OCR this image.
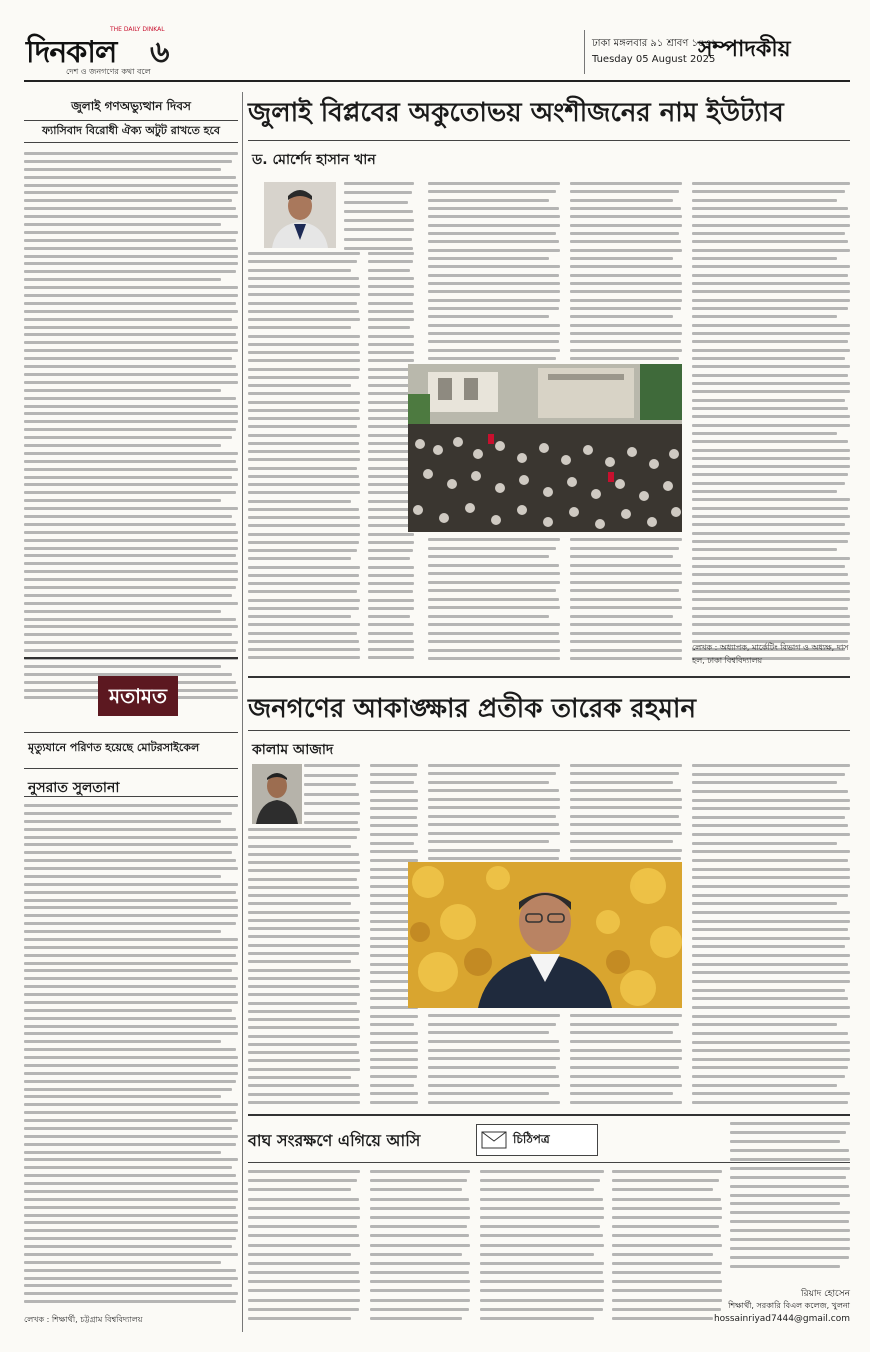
দিনকাল
THE DAILY DINKAL
দেশ ও জনগণের কথা বলে
৬	ঢাকা মঙ্গলবার ৯১ শ্রাবণ ১৪৩২
Tuesday 05 August 2025
সম্পাদকীয়
জুলাই গণঅভ্যুত্থান দিবস
ফ্যাসিবাদ বিরোধী ঐক্য অটুট রাখতে হবে
মতামত
মৃত্যুযানে পরিণত হয়েছে মোটরসাইকেল
নুসরাত সুলতানা
লেখক : শিক্ষার্থী, চট্টগ্রাম বিশ্ববিদ্যালয়
জুলাই বিপ্লবের অকুতোভয় অংশীজনের নাম ইউট্যাব
ড. মোর্শেদ হাসান খান
লেখক : অধ্যাপক, মার্কেটিং বিভাগ ও অধ্যক্ষ, দাস হল, ঢাকা বিশ্ববিদ্যালয়
জনগণের আকাঙ্ক্ষার প্রতীক তারেক রহমান
কালাম আজাদ
বাঘ সংরক্ষণে এগিয়ে আসি	চিঠিপত্র
রিয়াদ হোসেন
শিক্ষার্থী, সরকারি বিএল কলেজ, খুলনা
hossainriyad7444@gmail.com
